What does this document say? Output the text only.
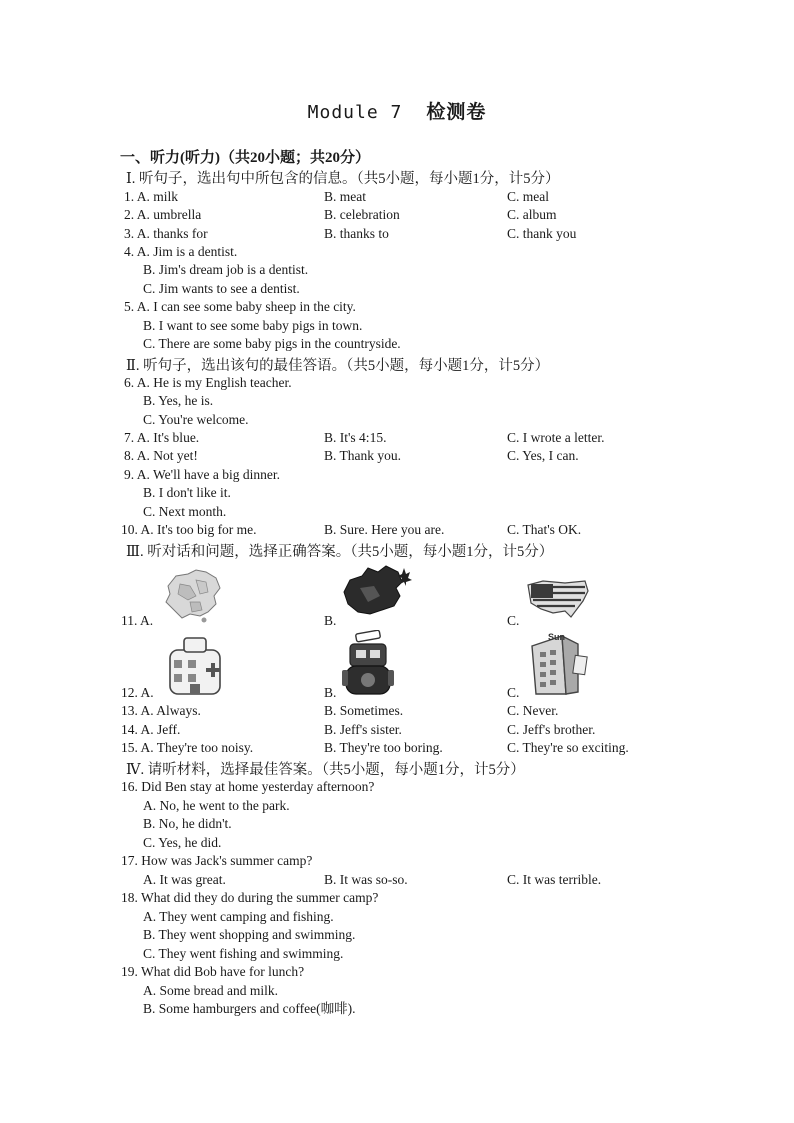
Module 7 检测卷
一、听力(听力)（共20小题；共20分）
Ⅰ. 听句子，选出句中所包含的信息。（共5小题，每小题1分，计5分）
1. A. milk	B. meat	C. meal
2. A. umbrella	B. celebration	C. album
3. A. thanks for	B. thanks to	C. thank you
4. A. Jim is a dentist.
B. Jim's dream job is a dentist.
C. Jim wants to see a dentist.
5. A. I can see some baby sheep in the city.
B. I want to see some baby pigs in town.
C. There are some baby pigs in the countryside.
Ⅱ. 听句子，选出该句的最佳答语。（共5小题，每小题1分，计5分）
6. A. He is my English teacher.
B. Yes, he is.
C. You're welcome.
7. A. It's blue.	B. It's 4:15.	C. I wrote a letter.
8. A. Not yet!	B. Thank you.	C. Yes, I can.
9. A. We'll have a big dinner.
B. I don't like it.
C. Next month.
10. A. It's too big for me.	B. Sure. Here you are.	C. That's OK.
Ⅲ. 听对话和问题，选择正确答案。（共5小题，每小题1分，计5分）
11. A.	B.	C.
12. A.	B.	C.
Sun
13. A. Always.	B. Sometimes.	C. Never.
14. A. Jeff.	B. Jeff's sister.	C. Jeff's brother.
15. A. They're too noisy.	B. They're too boring.	C. They're so exciting.
Ⅳ. 请听材料，选择最佳答案。（共5小题，每小题1分，计5分）
16. Did Ben stay at home yesterday afternoon?
A. No, he went to the park.
B. No, he didn't.
C. Yes, he did.
17. How was Jack's summer camp?
A. It was great.	B. It was so-so.	C. It was terrible.
18. What did they do during the summer camp?
A. They went camping and fishing.
B. They went shopping and swimming.
C. They went fishing and swimming.
19. What did Bob have for lunch?
A. Some bread and milk.
B. Some hamburgers and coffee(咖啡).
